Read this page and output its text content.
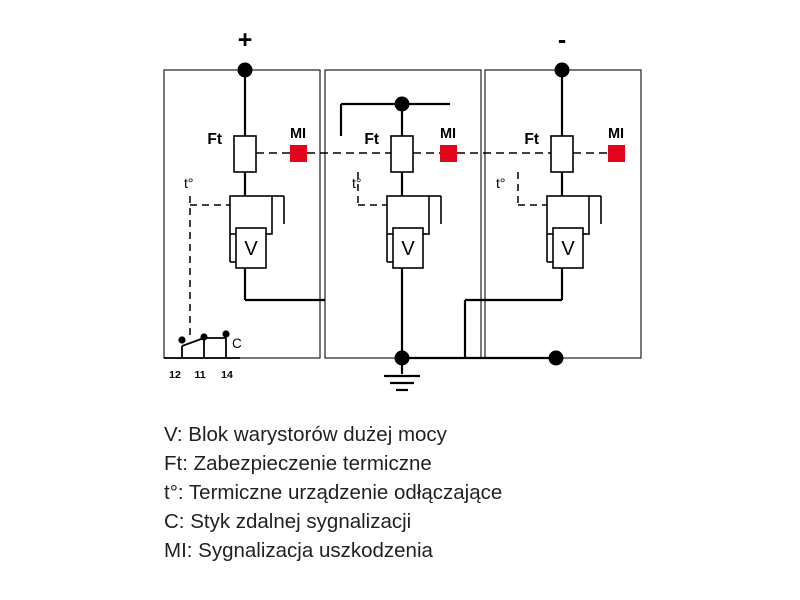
+	-
Ft	MI
V
t°
Ft	MI
V
t°
Ft	MI
V
t°
C
12 11 14
V: Blok warystorów dużej mocy
Ft: Zabezpieczenie termiczne
t°: Termiczne urządzenie odłączające
C: Styk zdalnej sygnalizacji
MI: Sygnalizacja uszkodzenia
